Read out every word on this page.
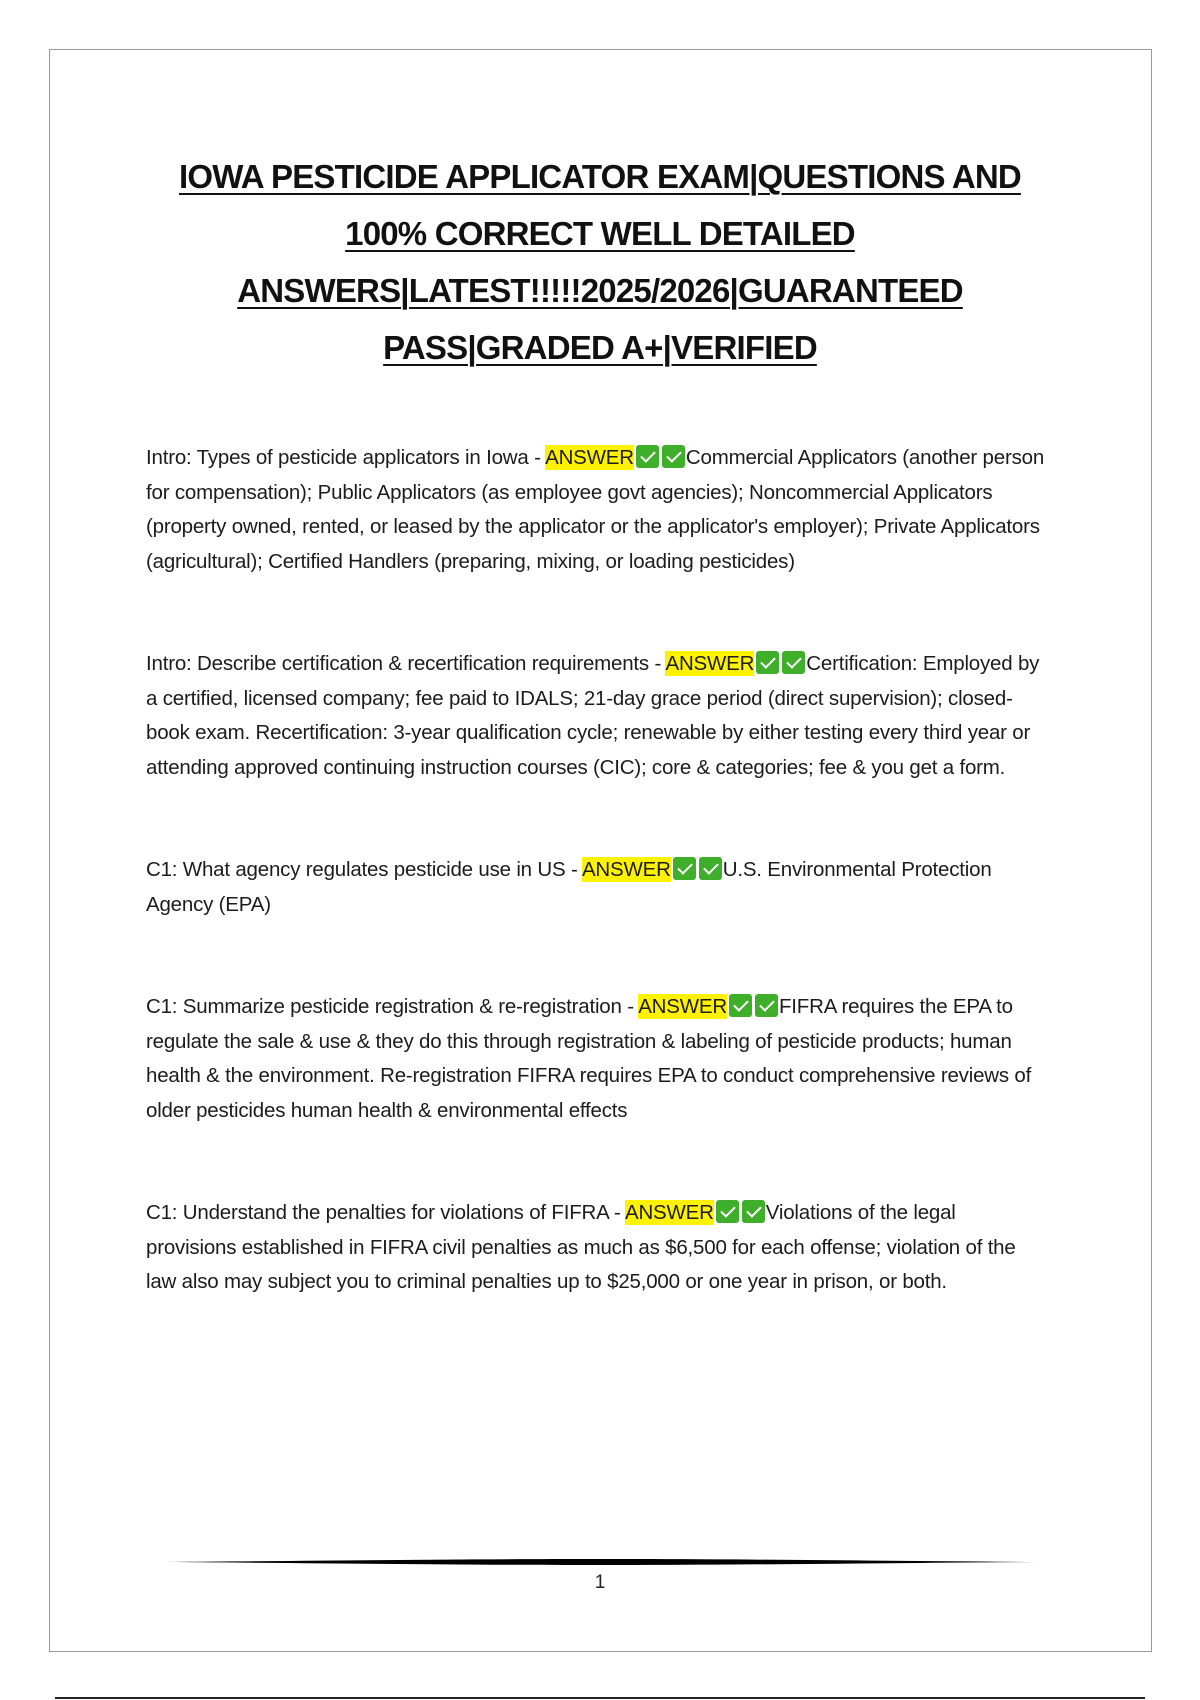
IOWA PESTICIDE APPLICATOR EXAM|QUESTIONS AND 100% CORRECT WELL DETAILED ANSWERS|LATEST!!!!!2025/2026|GUARANTEED PASS|GRADED A+|VERIFIED

Intro: Types of pesticide applicators in Iowa - ANSWER	Commercial Applicators (another person for compensation); Public Applicators (as employee govt agencies); Noncommercial Applicators (property owned, rented, or leased by the applicator or the applicator's employer); Private Applicators (agricultural); Certified Handlers (preparing, mixing, or loading pesticides)

Intro: Describe certification & recertification requirements - ANSWER	Certification: Employed by a certified, licensed company; fee paid to IDALS; 21-day grace period (direct supervision); closed-book exam. Recertification: 3-year qualification cycle; renewable by either testing every third year or attending approved continuing instruction courses (CIC); core & categories; fee & you get a form.

C1: What agency regulates pesticide use in US - ANSWER	U.S. Environmental Protection Agency (EPA)

C1: Summarize pesticide registration & re-registration - ANSWER	FIFRA requires the EPA to regulate the sale & use & they do this through registration & labeling of pesticide products; human health & the environment. Re-registration FIFRA requires EPA to conduct comprehensive reviews of older pesticides human health & environmental effects

C1: Understand the penalties for violations of FIFRA - ANSWER	Violations of the legal provisions established in FIFRA civil penalties as much as $6,500 for each offense; violation of the law also may subject you to criminal penalties up to $25,000 or one year in prison, or both.

1
